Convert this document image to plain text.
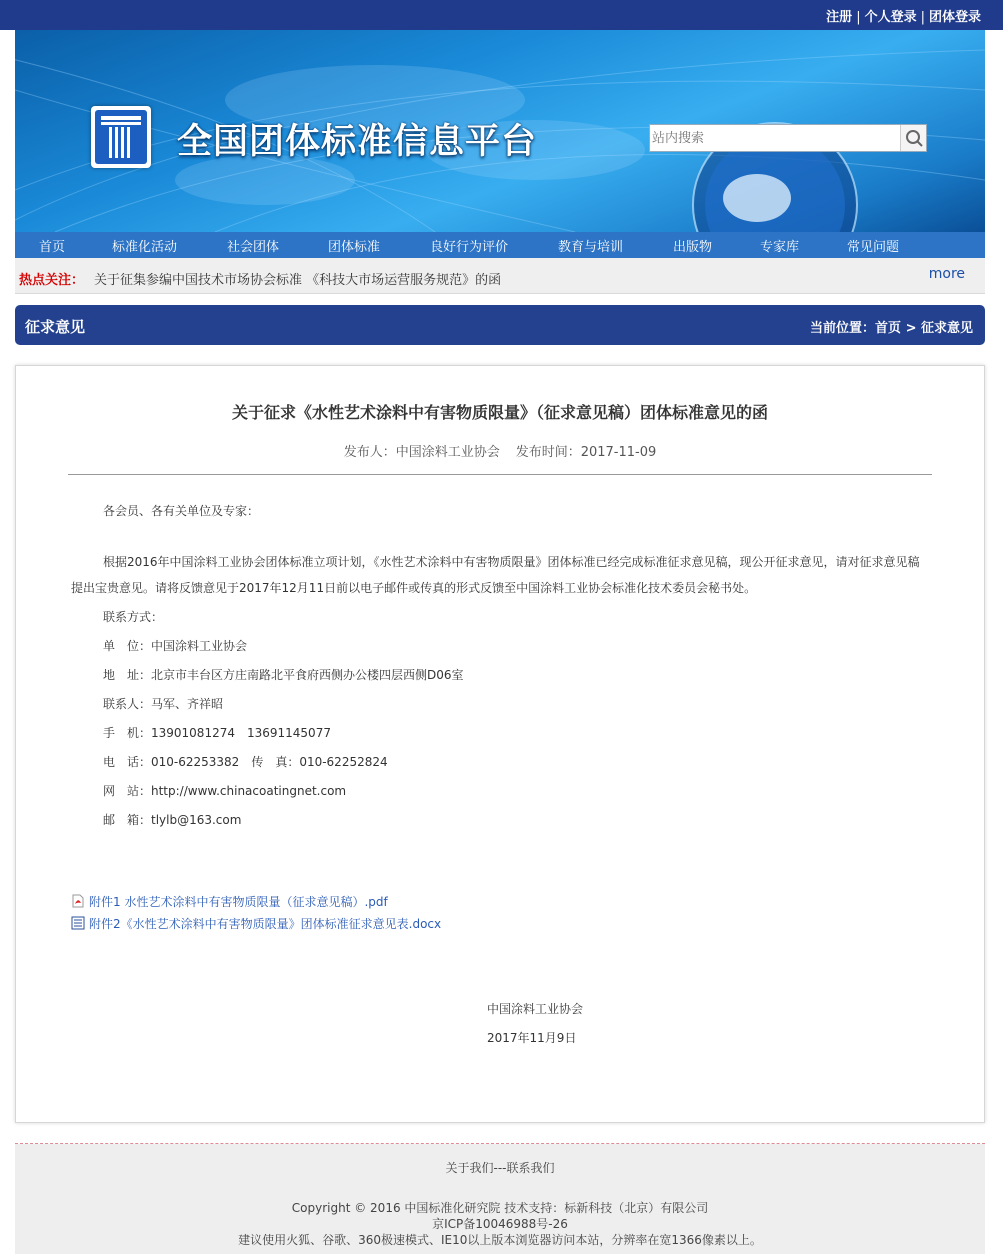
注册 | 个人登录 | 团体登录
全国团体标准信息平台
站内搜索
首页	标准化活动	社会团体	团体标准	良好行为评价	教育与培训	出版物	专家库	常见问题
热点关注： 关于征集参编中国技术市场协会标准 《科技大市场运营服务规范》的函	more
征求意见	当前位置：首页 > 征求意见
关于征求《水性艺术涂料中有害物质限量》（征求意见稿）团体标准意见的函
发布人：中国涂料工业协会 发布时间：2017-11-09
各会员、各有关单位及专家：
根据2016年中国涂料工业协会团体标准立项计划，《水性艺术涂料中有害物质限量》团体标准已经完成标准征求意见稿，现公开征求意见，请对征求意见稿
提出宝贵意见。请将反馈意见于2017年12月11日前以电子邮件或传真的形式反馈至中国涂料工业协会标准化技术委员会秘书处。
联系方式：
单　位：中国涂料工业协会
地　址：北京市丰台区方庄南路北平食府西侧办公楼四层西侧D06室
联系人：马军、齐祥昭
手　机：13901081274　13691145077
电　话：010-62253382　传　真：010-62252824
网　站：http://www.chinacoatingnet.com
邮　箱：tlylb@163.com
附件1 水性艺术涂料中有害物质限量（征求意见稿）.pdf
附件2《水性艺术涂料中有害物质限量》团体标准征求意见表.docx
中国涂料工业协会
2017年11月9日
关于我们---联系我们
Copyright © 2016 中国标准化研究院 技术支持：标新科技（北京）有限公司
京ICP备10046988号-26
建议使用火狐、谷歌、360极速模式、IE10以上版本浏览器访问本站，分辨率在宽1366像素以上。
